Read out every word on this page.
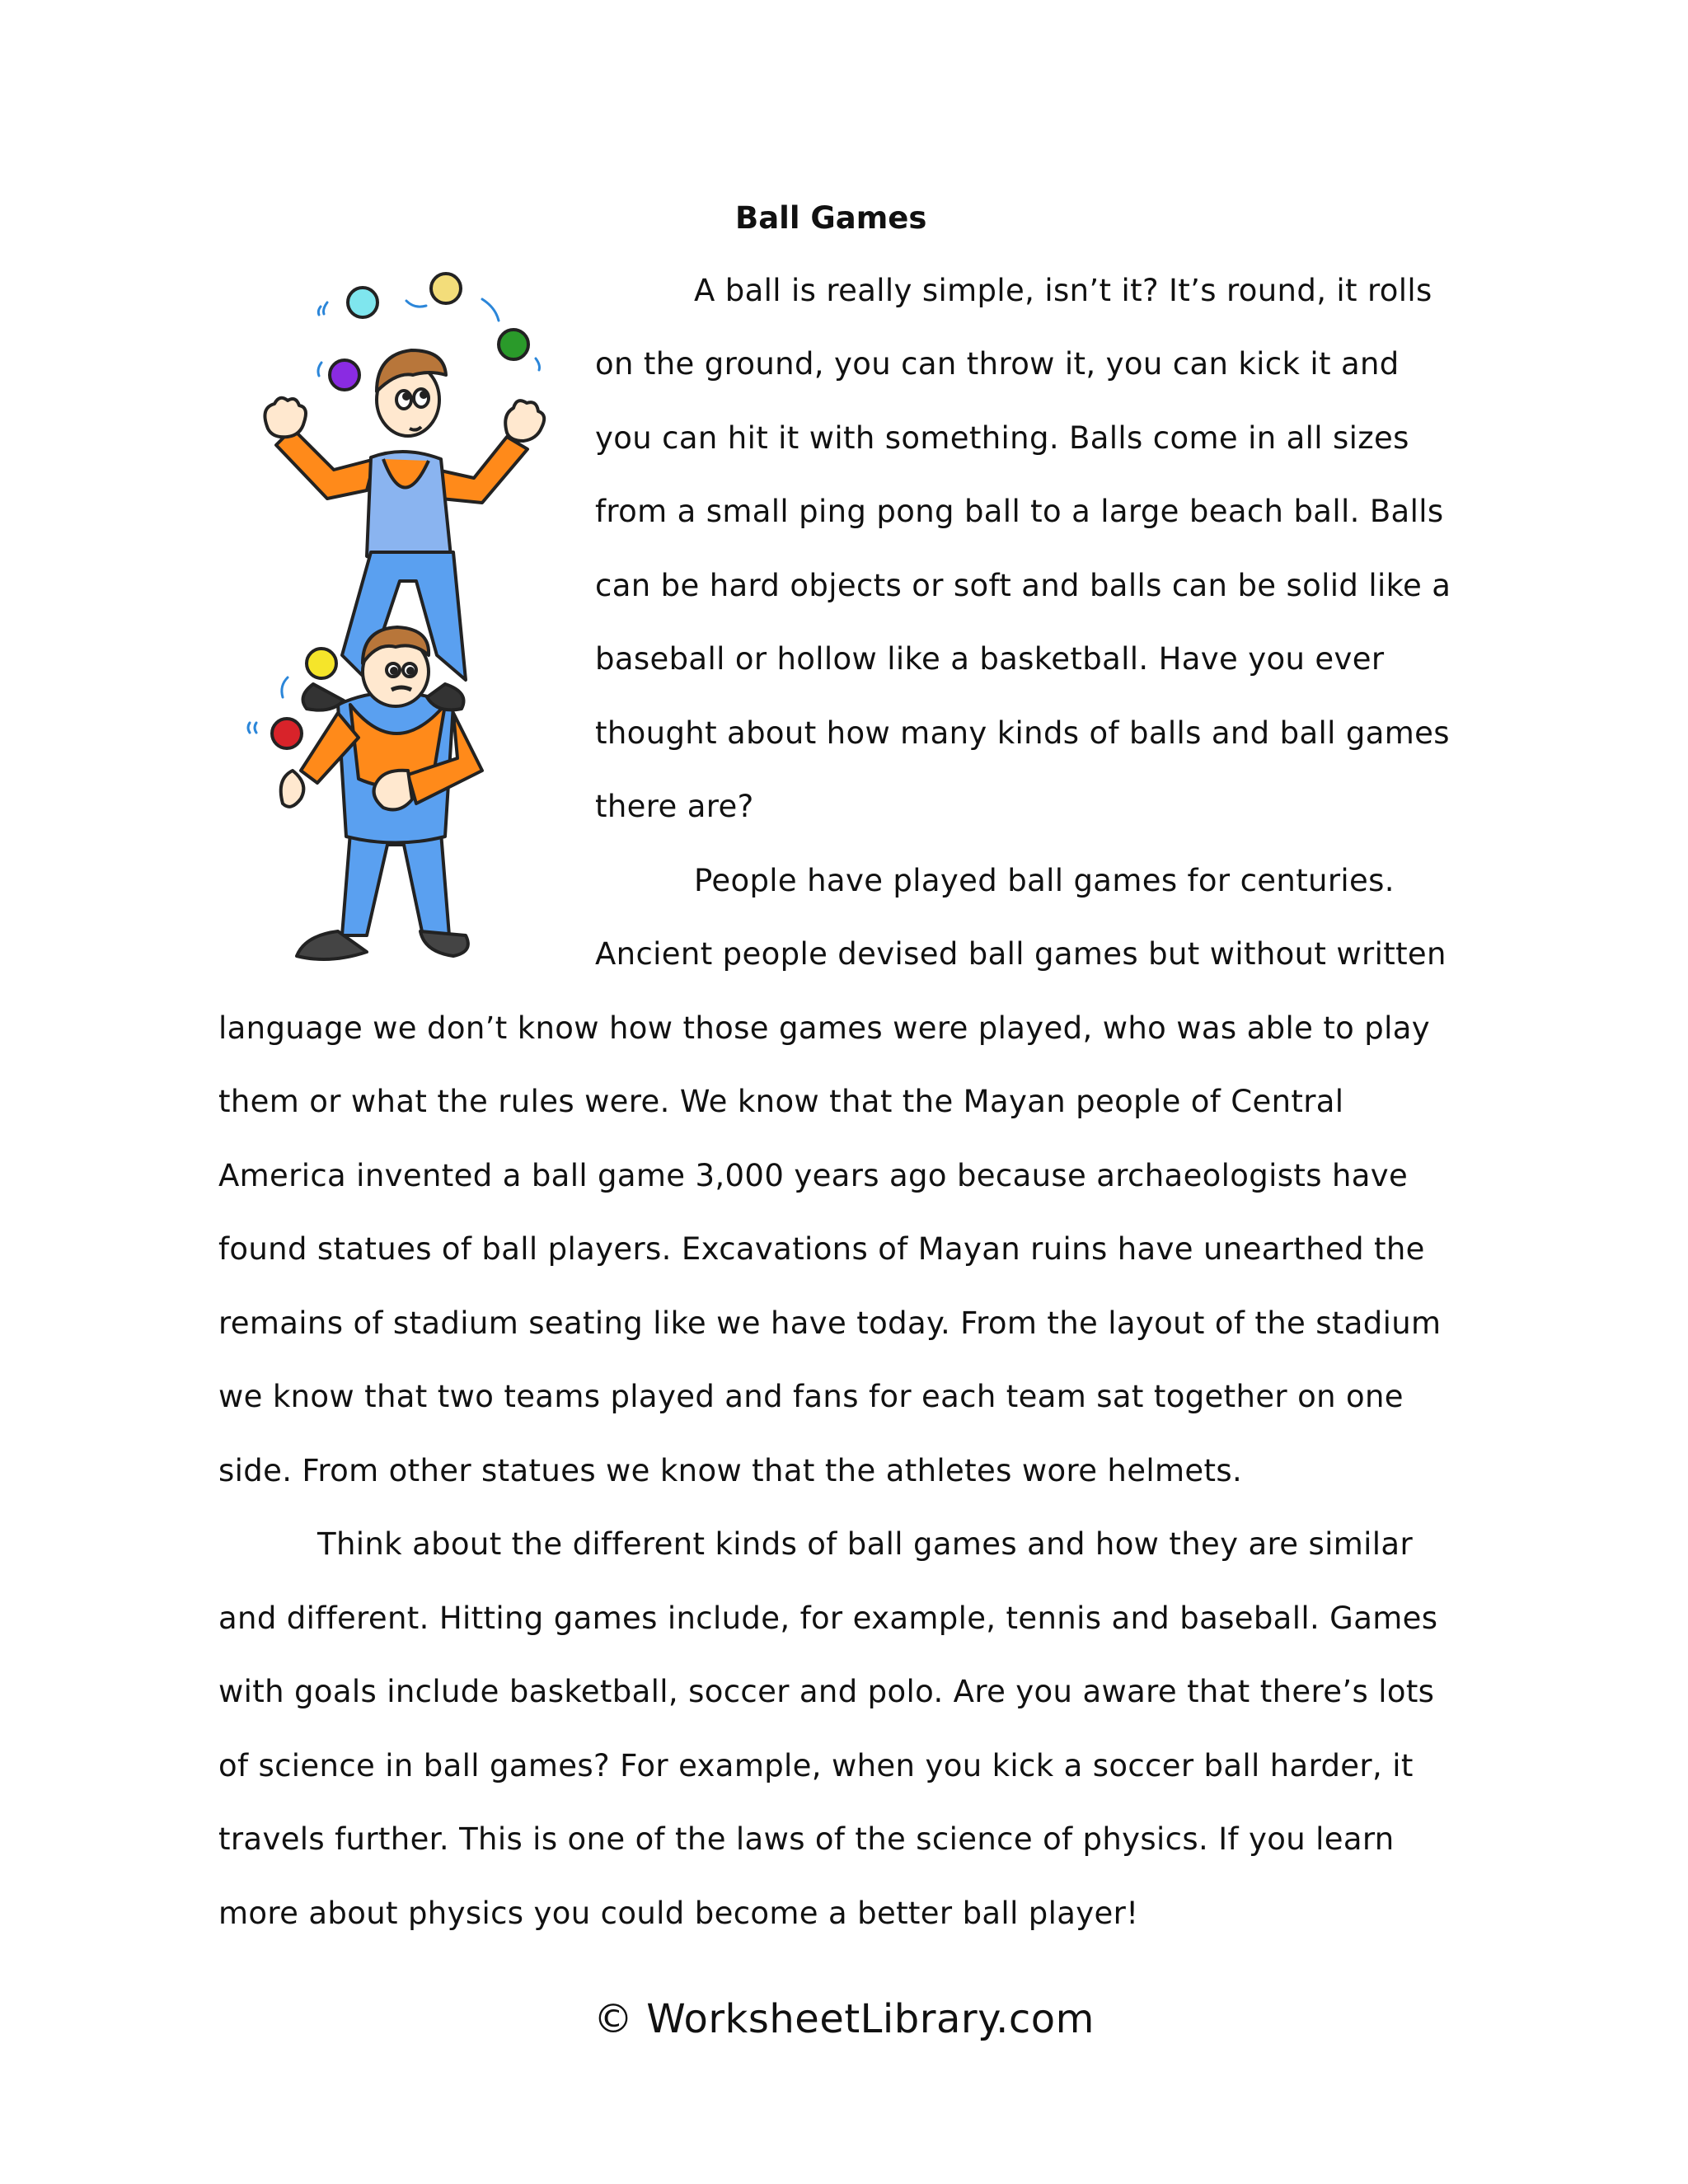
Ball Games
A ball is really simple, isn’t it? It’s round, it rolls
on the ground, you can throw it, you can kick it and
you can hit it with something. Balls come in all sizes
from a small ping pong ball to a large beach ball. Balls
can be hard objects or soft and balls can be solid like a
baseball or hollow like a basketball. Have you ever
thought about how many kinds of balls and ball games
there are?
People have played ball games for centuries.
Ancient people devised ball games but without written
language we don’t know how those games were played, who was able to play
them or what the rules were. We know that the Mayan people of Central
America invented a ball game 3,000 years ago because archaeologists have
found statues of ball players. Excavations of Mayan ruins have unearthed the
remains of stadium seating like we have today. From the layout of the stadium
we know that two teams played and fans for each team sat together on one
side. From other statues we know that the athletes wore helmets.
Think about the different kinds of ball games and how they are similar
and different. Hitting games include, for example, tennis and baseball. Games
with goals include basketball, soccer and polo. Are you aware that there’s lots
of science in ball games? For example, when you kick a soccer ball harder, it
travels further. This is one of the laws of the science of physics. If you learn
more about physics you could become a better ball player!
© WorksheetLibrary.com
